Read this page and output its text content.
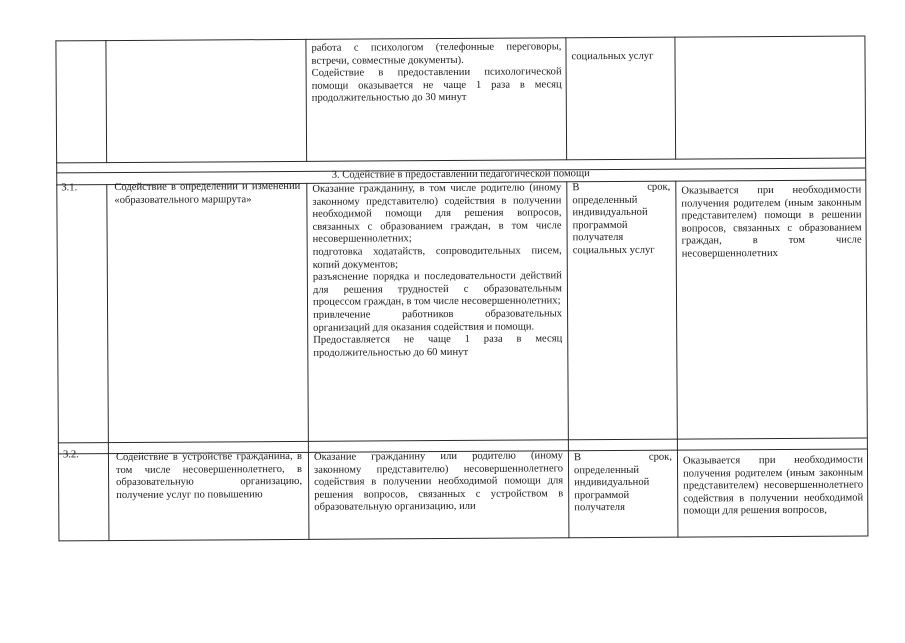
работа с психологом (телефонные переговоры, встречи, совместные документы).
Содействие в предоставлении психологической помощи оказывается не чаще 1 раза в месяц продолжительностью до 30 минут
социальных услуг
3. Содействие в предоставлении педагогической помощи
3.1.	Содействие в определении и изменении «образовательного маршрута»
Оказание гражданину, в том числе родителю (иному законному представителю) содействия в получении необходимой помощи для решения вопросов, связанных с образованием граждан, в том числе несовершеннолетних;
подготовка ходатайств, сопроводительных писем, копий документов;
разъяснение порядка и последовательности действий для решения трудностей с образовательным процессом граждан, в том числе несовершеннолетних;
привлечение работников образовательных организаций для оказания содействия и помощи.
Предоставляется не чаще 1 раза в месяц продолжительностью до 60 минут
В срок, определенный индивидуальной программой получателя социальных услуг
Оказывается при необходимости получения родителем (иным законным представителем) помощи в решении вопросов, связанных с образованием граждан, в том числе несовершеннолетних
3.2.	Содействие в устройстве гражданина, в том числе несовершеннолетнего, в образовательную организацию, получение услуг по повышению
Оказание гражданину или родителю (иному законному представителю) несовершеннолетнего содействия в получении необходимой помощи для решения вопросов, связанных с устройством в образовательную организацию, или
В срок, определенный индивидуальной программой получателя
Оказывается при необходимости получения родителем (иным законным представителем) несовершеннолетнего содействия в получении необходимой помощи для решения вопросов,
